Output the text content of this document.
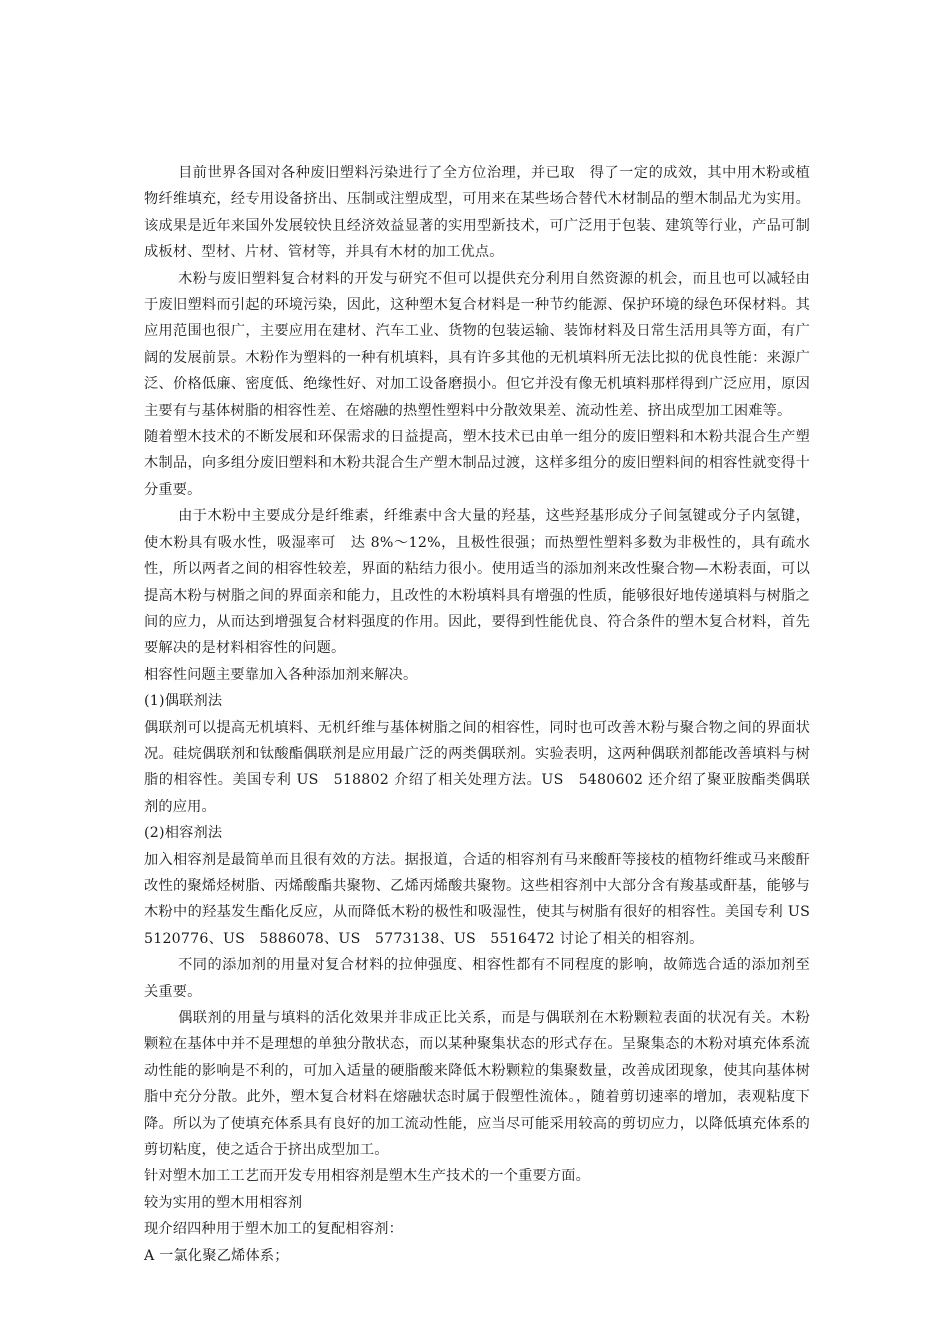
目前世界各国对各种废旧塑料污染进行了全方位治理，并已取　得了一定的成效，其中用木粉或植物纤维填充，经专用设备挤出、压制或注塑成型，可用来在某些场合替代木材制品的塑木制品尤为实用。该成果是近年来国外发展较快且经济效益显著的实用型新技术，可广泛用于包装、建筑等行业，产品可制成板材、型材、片材、管材等，并具有木材的加工优点。

木粉与废旧塑料复合材料的开发与研究不但可以提供充分利用自然资源的机会，而且也可以减轻由于废旧塑料而引起的环境污染，因此，这种塑木复合材料是一种节约能源、保护环境的绿色环保材料。其应用范围也很广，主要应用在建材、汽车工业、货物的包装运输、装饰材料及日常生活用具等方面，有广阔的发展前景。木粉作为塑料的一种有机填料，具有许多其他的无机填料所无法比拟的优良性能：来源广泛、价格低廉、密度低、绝缘性好、对加工设备磨损小。但它并没有像无机填料那样得到广泛应用，原因主要有与基体树脂的相容性差、在熔融的热塑性塑料中分散效果差、流动性差、挤出成型加工困难等。

随着塑木技术的不断发展和环保需求的日益提高，塑木技术已由单一组分的废旧塑料和木粉共混合生产塑木制品，向多组分废旧塑料和木粉共混合生产塑木制品过渡，这样多组分的废旧塑料间的相容性就变得十分重要。

由于木粉中主要成分是纤维素，纤维素中含大量的羟基，这些羟基形成分子间氢键或分子内氢键，使木粉具有吸水性，吸湿率可　达 8%～12%，且极性很强；而热塑性塑料多数为非极性的，具有疏水性，所以两者之间的相容性较差，界面的粘结力很小。使用适当的添加剂来改性聚合物—木粉表面，可以提高木粉与树脂之间的界面亲和能力，且改性的木粉填料具有增强的性质，能够很好地传递填料与树脂之间的应力，从而达到增强复合材料强度的作用。因此，要得到性能优良、符合条件的塑木复合材料，首先要解决的是材料相容性的问题。

相容性问题主要靠加入各种添加剂来解决。

(1)偶联剂法

偶联剂可以提高无机填料、无机纤维与基体树脂之间的相容性，同时也可改善木粉与聚合物之间的界面状况。硅烷偶联剂和钛酸酯偶联剂是应用最广泛的两类偶联剂。实验表明，这两种偶联剂都能改善填料与树脂的相容性。美国专利 US　518802 介绍了相关处理方法。US　5480602 还介绍了聚亚胺酯类偶联剂的应用。

(2)相容剂法

加入相容剂是最简单而且很有效的方法。据报道，合适的相容剂有马来酸酐等接枝的植物纤维或马来酸酐改性的聚烯烃树脂、丙烯酸酯共聚物、乙烯丙烯酸共聚物。这些相容剂中大部分含有羧基或酐基，能够与木粉中的羟基发生酯化反应，从而降低木粉的极性和吸湿性，使其与树脂有很好的相容性。美国专利 US　5120776、US　5886078、US　5773138、US　5516472 讨论了相关的相容剂。

不同的添加剂的用量对复合材料的拉伸强度、相容性都有不同程度的影响，故筛选合适的添加剂至关重要。

偶联剂的用量与填料的活化效果并非成正比关系，而是与偶联剂在木粉颗粒表面的状况有关。木粉颗粒在基体中并不是理想的单独分散状态，而以某种聚集状态的形式存在。呈聚集态的木粉对填充体系流动性能的影响是不利的，可加入适量的硬脂酸来降低木粉颗粒的集聚数量，改善成团现象，使其向基体树脂中充分分散。此外，塑木复合材料在熔融状态时属于假塑性流体。，随着剪切速率的增加，表观粘度下降。所以为了使填充体系具有良好的加工流动性能，应当尽可能采用较高的剪切应力，以降低填充体系的剪切粘度，使之适合于挤出成型加工。

针对塑木加工工艺而开发专用相容剂是塑木生产技术的一个重要方面。

较为实用的塑木用相容剂

现介绍四种用于塑木加工的复配相容剂：

A 一氯化聚乙烯体系；
